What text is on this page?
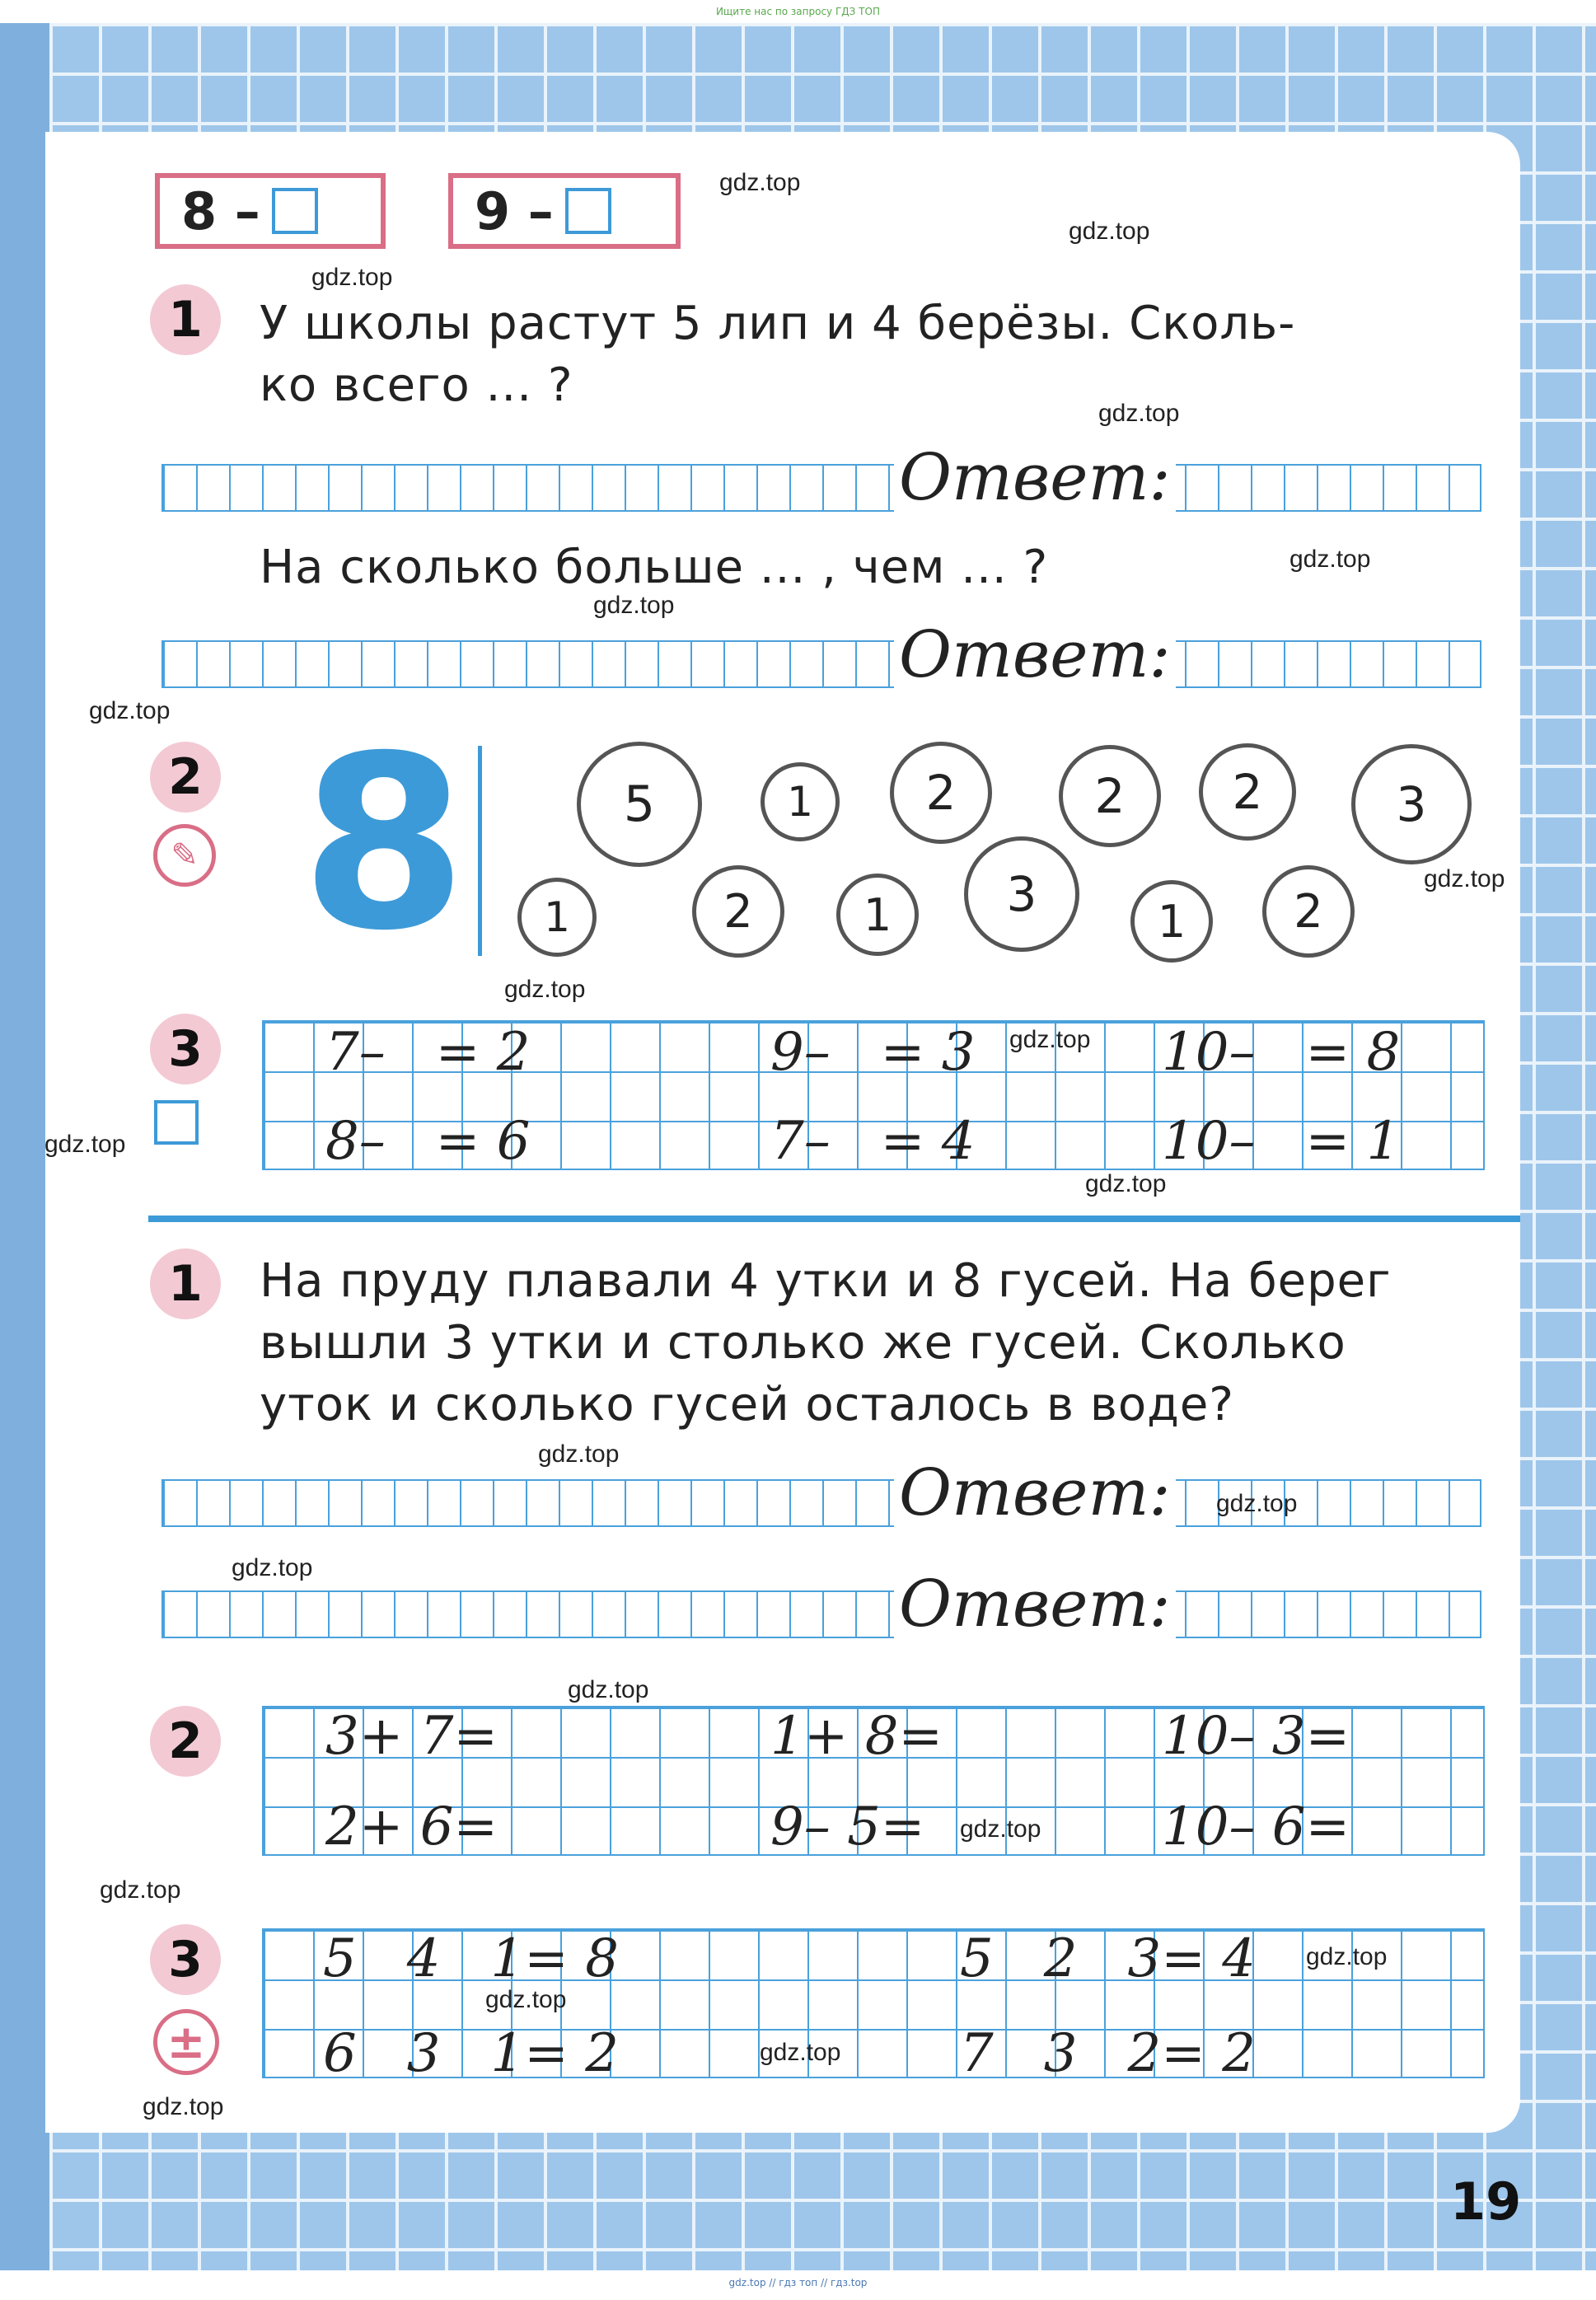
Ищите нас по запросу ГДЗ ТОП
8 –	9 –
1	У школы растут 5 лип и 4 берёзы. Сколь-
ко всего ... ?
Ответ:
На сколько больше ... , чем ... ?
Ответ:
2
✎ 8	5	1	2	2	2	3
1	2	1	3	1	2
3	7–   = 2	9–   = 3	10–   = 8
8–   = 6	7–   = 4	10–   = 1
1	На пруду плавали 4 утки и 8 гусей. На берег
вышли 3 утки и столько же гусей. Сколько
уток и сколько гусей осталось в воде?
Ответ:
Ответ:
2	3+ 7=	1+ 8=	10– 3=
2+ 6=	9– 5=	10– 6=
3
±
5   4   1= 8	5   2   3= 4
6   3   1= 2	7   3   2= 2
gdz.top
gdz.top
gdz.top
gdz.top
gdz.top
gdz.top
gdz.top
gdz.top
gdz.top
gdz.top
gdz.top
gdz.top
gdz.top
gdz.top
gdz.top
gdz.top
gdz.top
gdz.top
gdz.top
gdz.top
gdz.top
gdz.top
19
gdz.top // гдз топ // гдз.top
